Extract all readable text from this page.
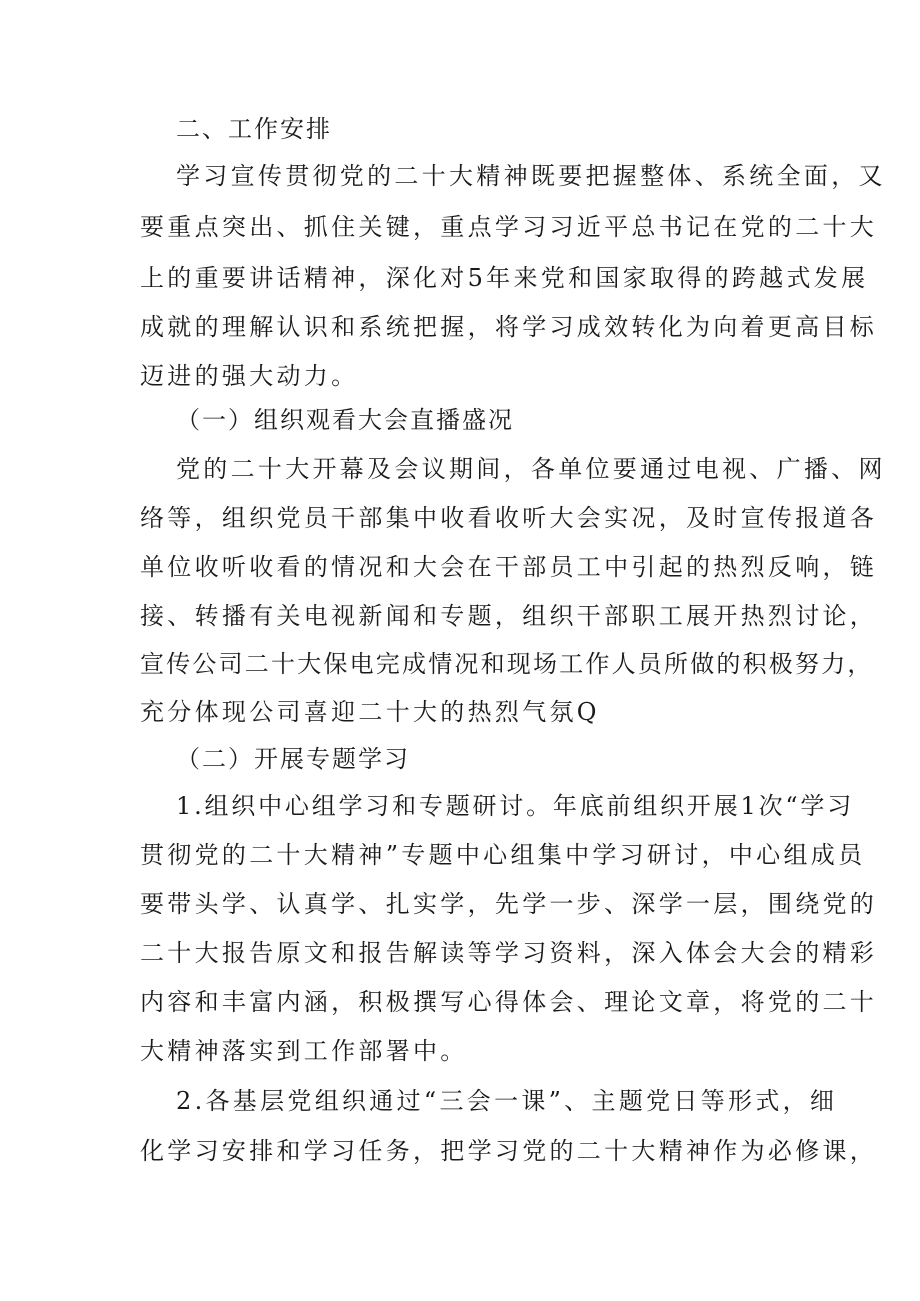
二、工作安排
学习宣传贯彻党的二十大精神既要把握整体、系统全面，又
要重点突出、抓住关键，重点学习习近平总书记在党的二十大
上的重要讲话精神，深化对5年来党和国家取得的跨越式发展
成就的理解认识和系统把握，将学习成效转化为向着更高目标
迈进的强大动力。
（一）组织观看大会直播盛况
党的二十大开幕及会议期间，各单位要通过电视、广播、网
络等，组织党员干部集中收看收听大会实况，及时宣传报道各
单位收听收看的情况和大会在干部员工中引起的热烈反响，链
接、转播有关电视新闻和专题，组织干部职工展开热烈讨论，
宣传公司二十大保电完成情况和现场工作人员所做的积极努力，
充分体现公司喜迎二十大的热烈气氛Q
（二）开展专题学习
1.组织中心组学习和专题研讨。年底前组织开展1次“学习
贯彻党的二十大精神”专题中心组集中学习研讨，中心组成员
要带头学、认真学、扎实学，先学一步、深学一层，围绕党的
二十大报告原文和报告解读等学习资料，深入体会大会的精彩
内容和丰富内涵，积极撰写心得体会、理论文章，将党的二十
大精神落实到工作部署中。
2.各基层党组织通过“三会一课”、主题党日等形式，细
化学习安排和学习任务，把学习党的二十大精神作为必修课，
